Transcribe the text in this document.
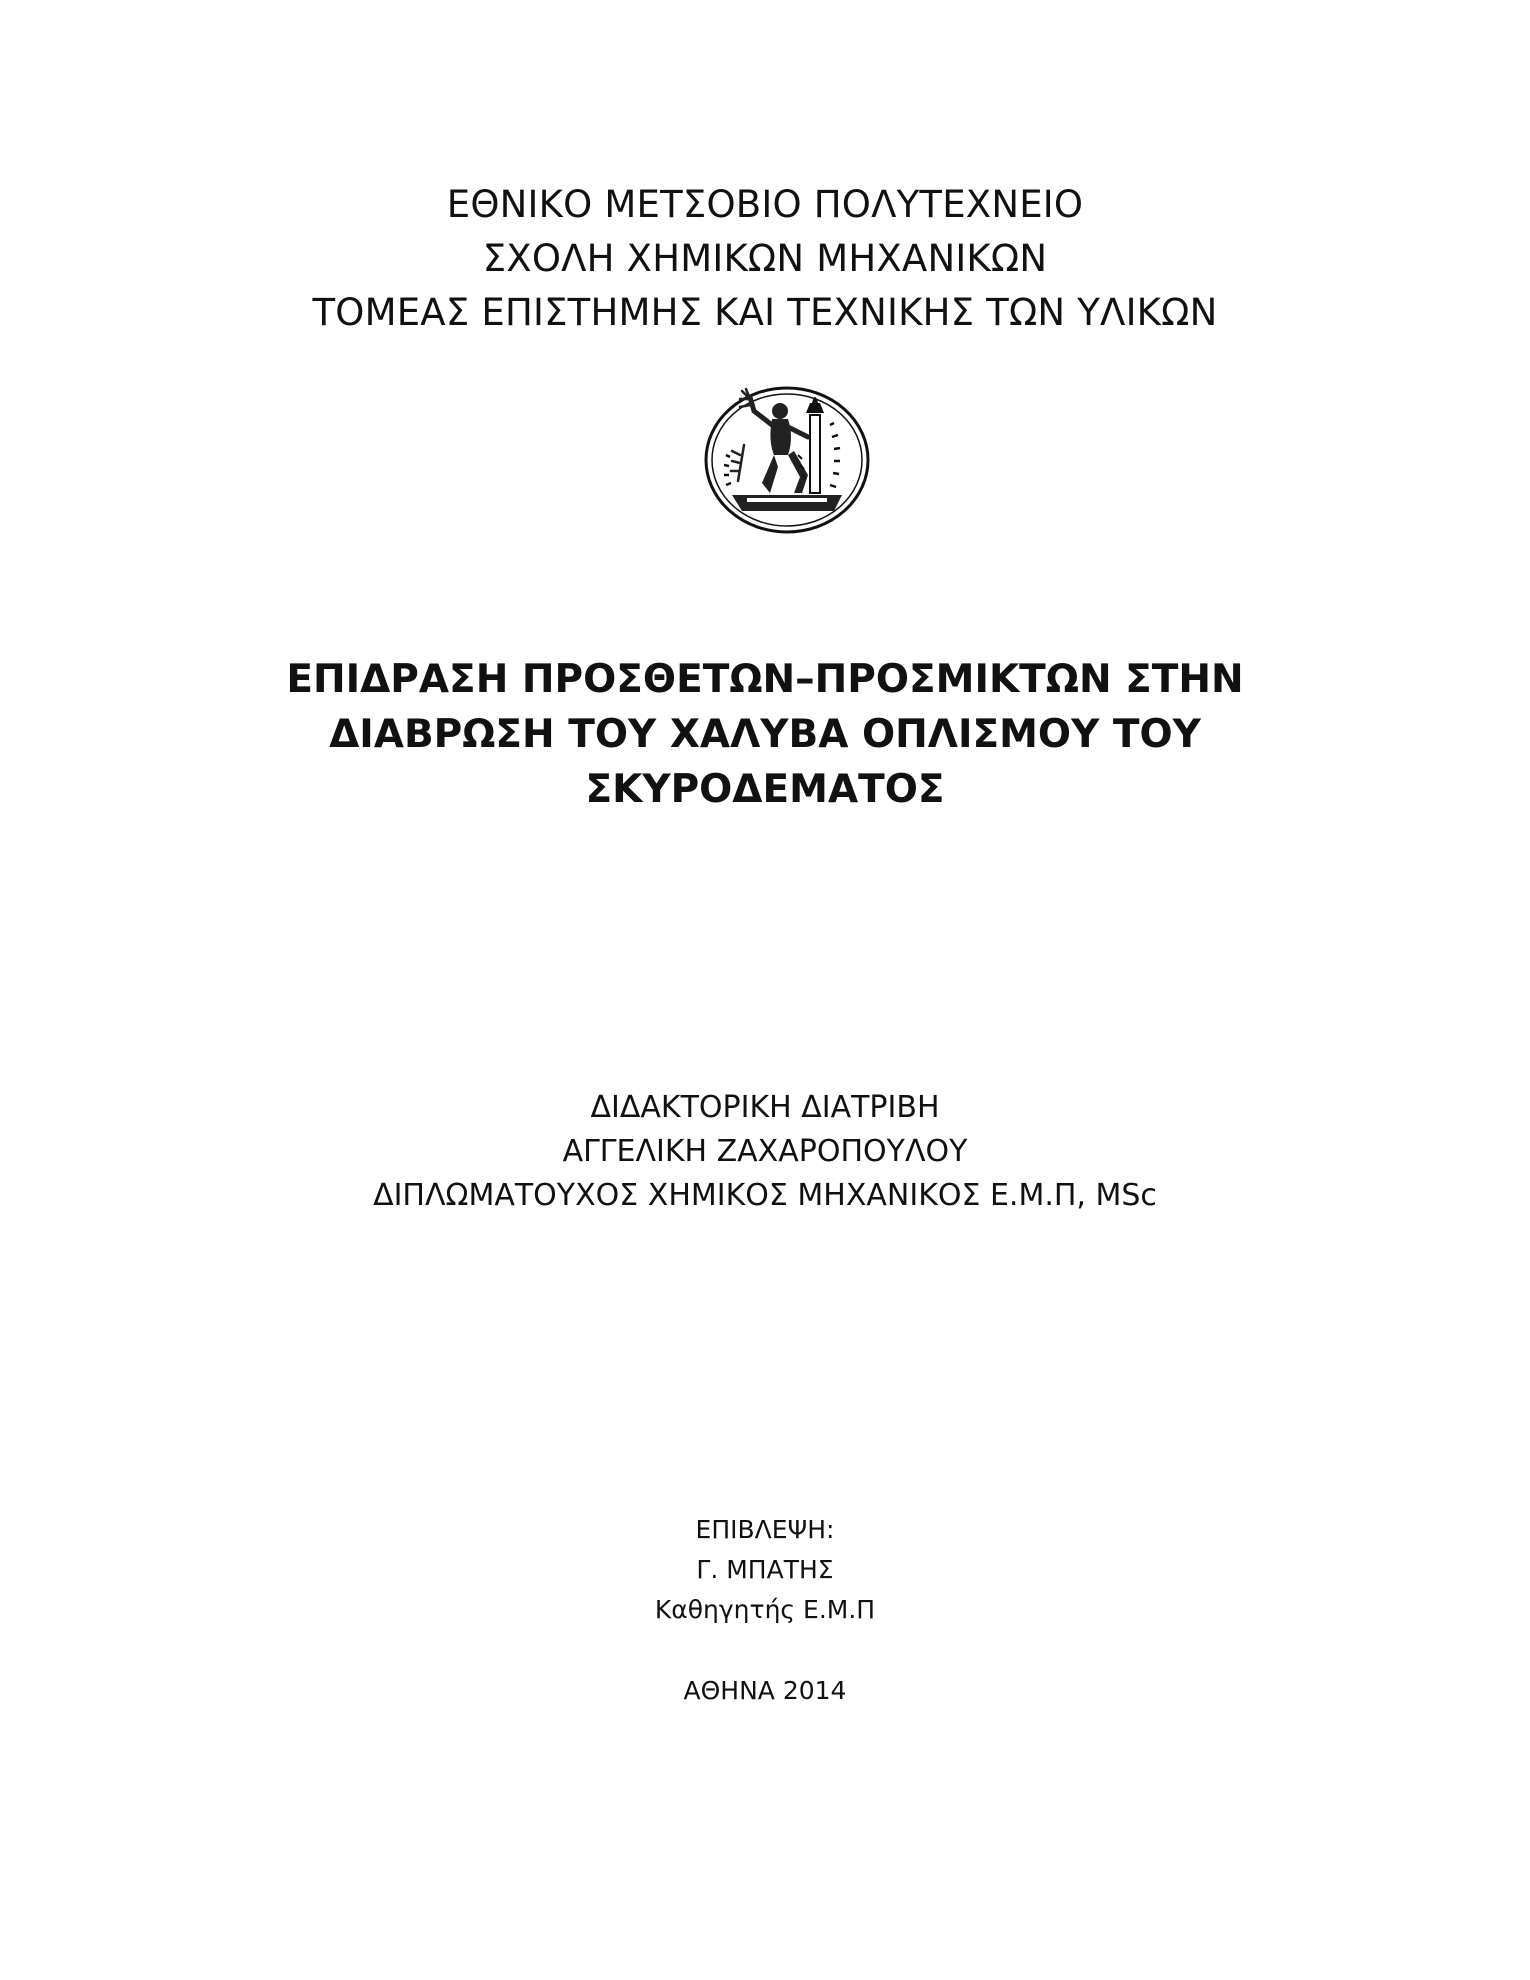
ΕΘΝΙΚΟ ΜΕΤΣΟΒΙΟ ΠΟΛΥΤΕΧΝΕΙΟ
ΣΧΟΛΗ ΧΗΜΙΚΩΝ ΜΗΧΑΝΙΚΩΝ
ΤΟΜΕΑΣ ΕΠΙΣΤΗΜΗΣ ΚΑΙ ΤΕΧΝΙΚΗΣ ΤΩΝ ΥΛΙΚΩΝ
ΕΠΙΔΡΑΣΗ ΠΡΟΣΘΕΤΩΝ–ΠΡΟΣΜΙΚΤΩΝ ΣΤΗΝ
ΔΙΑΒΡΩΣΗ ΤΟΥ ΧΑΛΥΒΑ ΟΠΛΙΣΜΟΥ ΤΟΥ
ΣΚΥΡΟΔΕΜΑΤΟΣ
ΔΙΔΑΚΤΟΡΙΚΗ ΔΙΑΤΡΙΒΗ
ΑΓΓΕΛΙΚΗ ΖΑΧΑΡΟΠΟΥΛΟΥ
ΔΙΠΛΩΜΑΤΟΥΧΟΣ ΧΗΜΙΚΟΣ ΜΗΧΑΝΙΚΟΣ Ε.Μ.Π, MSc
ΕΠΙΒΛΕΨΗ:
Γ. ΜΠΑΤΗΣ
Καθηγητής Ε.Μ.Π
ΑΘΗΝΑ 2014
